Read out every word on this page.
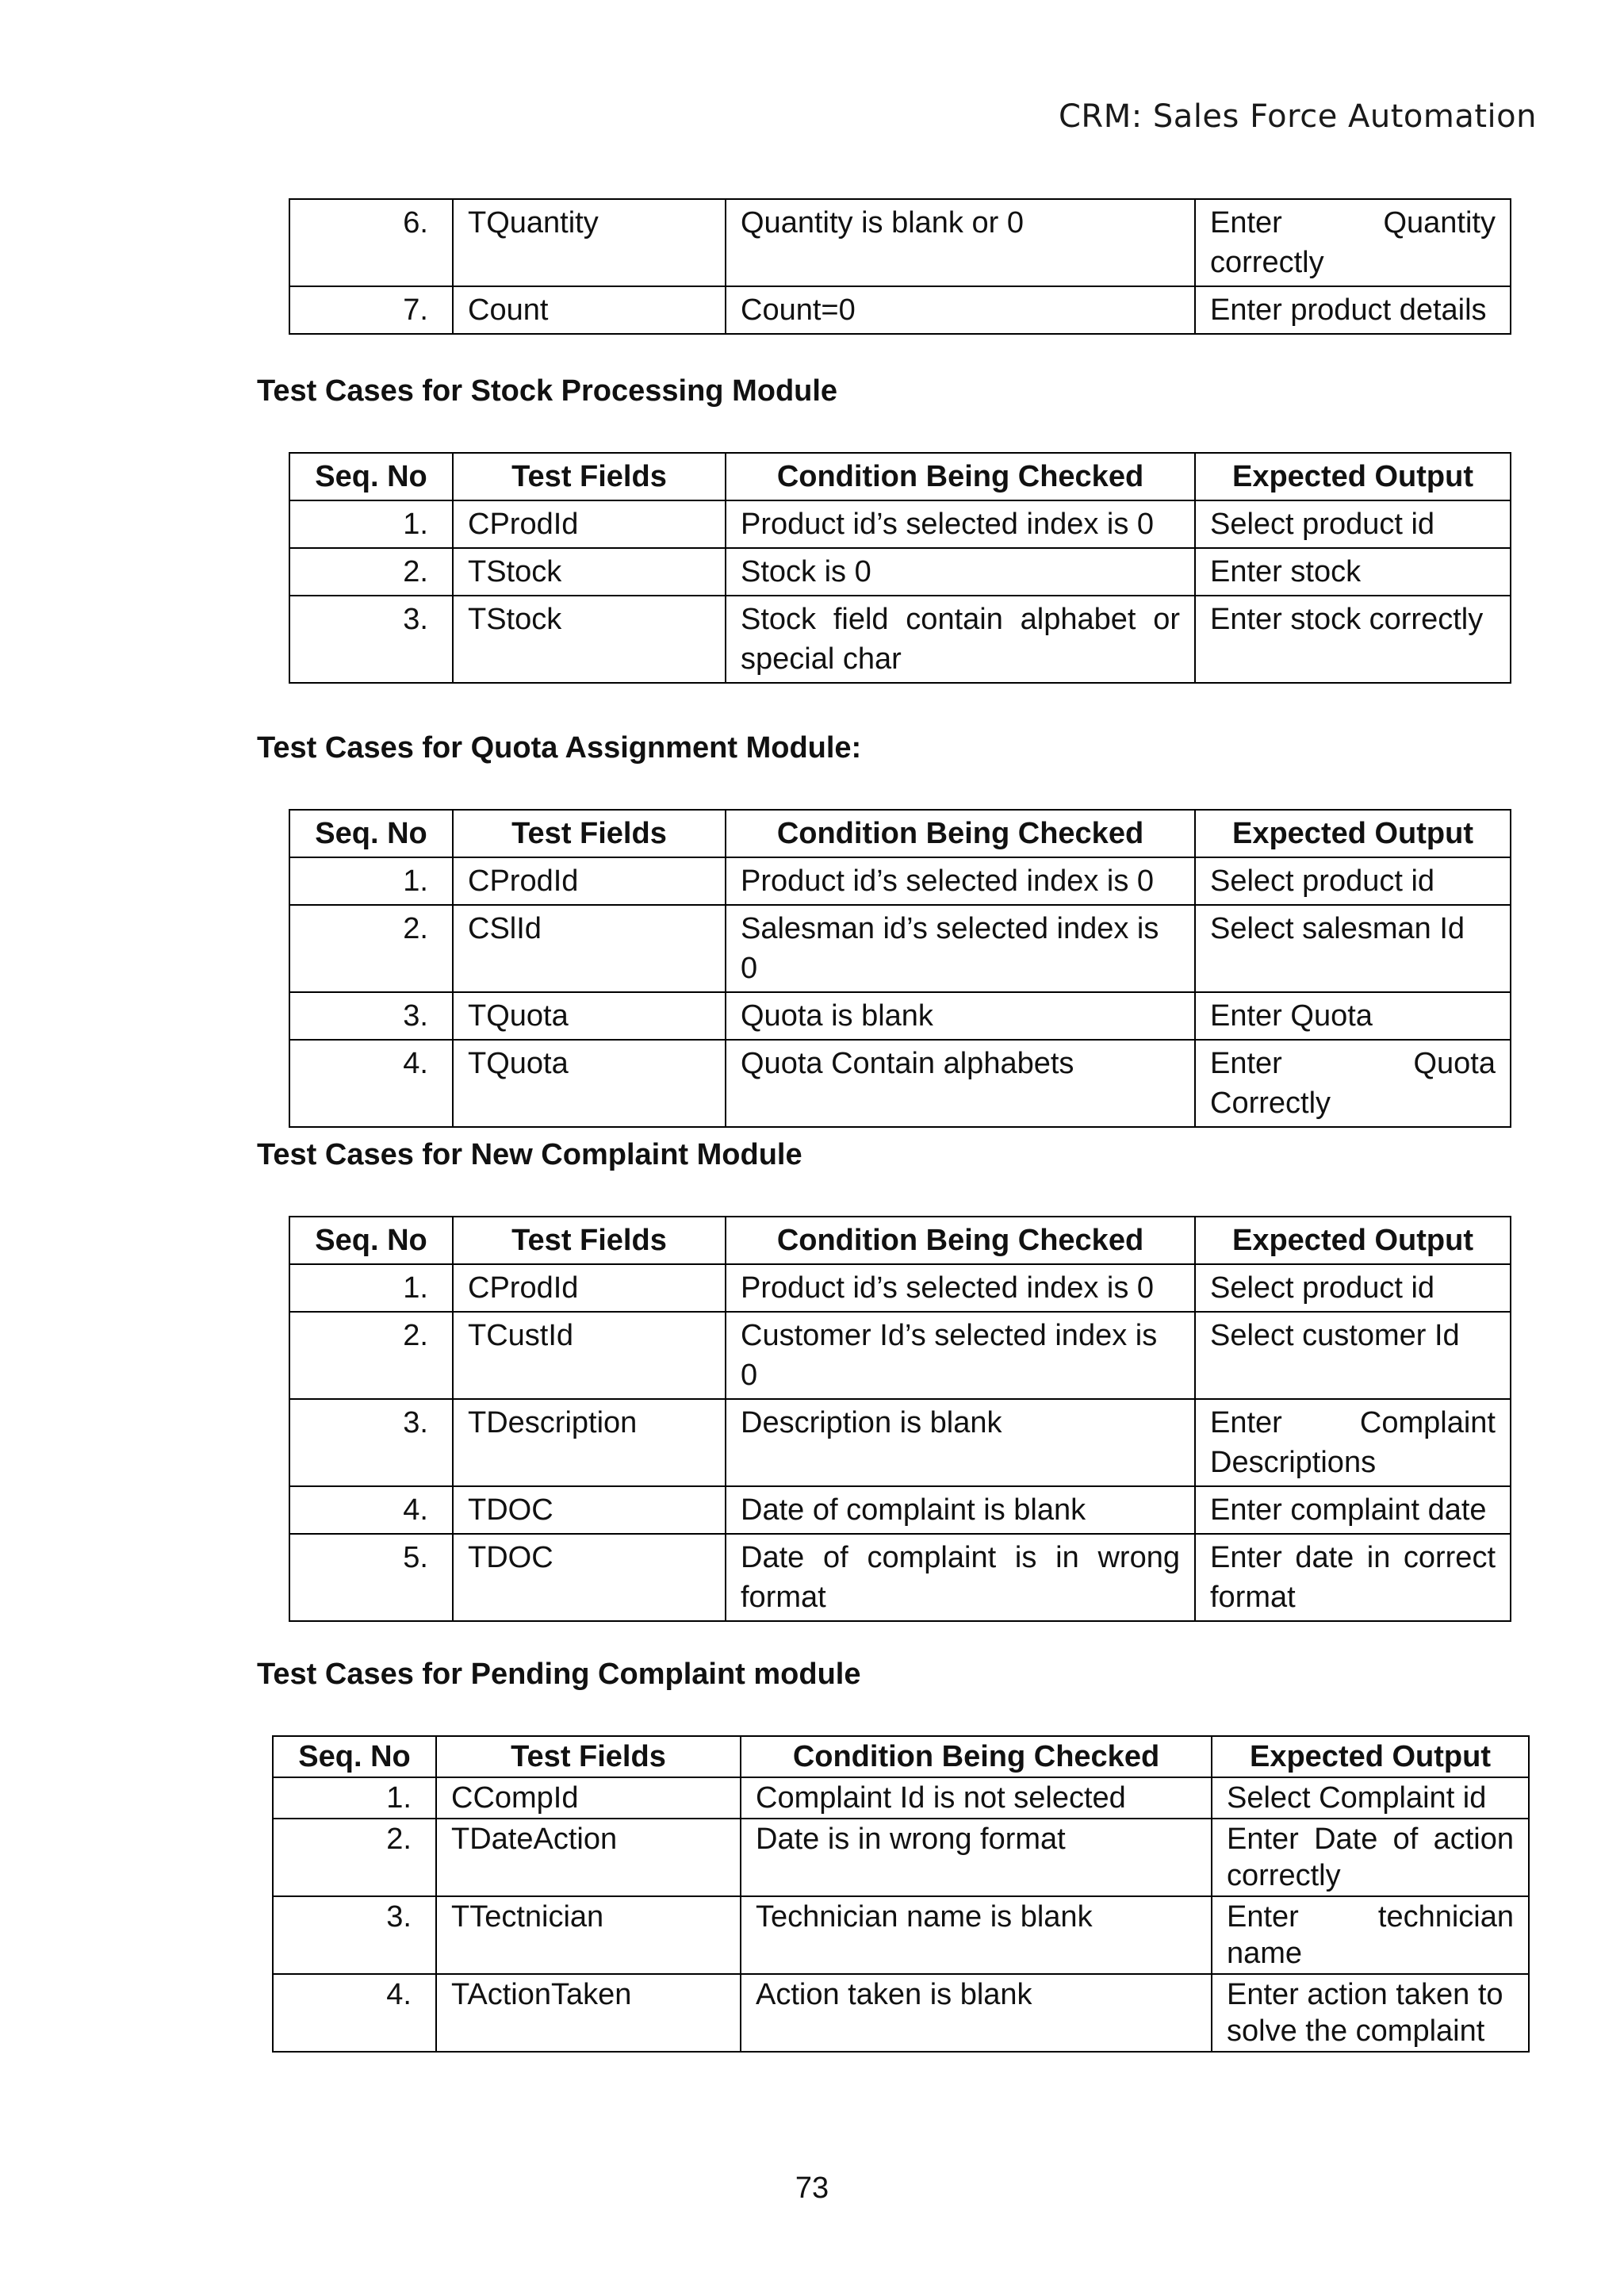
CRM: Sales Force Automation
6.	TQuantity	Quantity is blank or 0	Enter Quantity correctly
7.	Count	Count=0	Enter product details
Test Cases for Stock Processing Module
Seq. No	Test Fields	Condition Being Checked	Expected Output
1.	CProdId	Product id’s selected index is 0	Select product id
2.	TStock	Stock is 0	Enter stock
3.	TStock	Stock field contain alphabet or special char	Enter stock correctly
Test Cases for Quota Assignment Module:
Seq. No	Test Fields	Condition Being Checked	Expected Output
1.	CProdId	Product id’s selected index is 0	Select product id
2.	CSlId	Salesman id’s selected index is 0	Select salesman Id
3.	TQuota	Quota is blank	Enter Quota
4.	TQuota	Quota Contain alphabets	Enter Quota Correctly
Test Cases for New Complaint Module
Seq. No	Test Fields	Condition Being Checked	Expected Output
1.	CProdId	Product id’s selected index is 0	Select product id
2.	TCustId	Customer Id’s selected index is 0	Select customer Id
3.	TDescription	Description is blank	Enter Complaint Descriptions
4.	TDOC	Date of complaint is blank	Enter complaint date
5.	TDOC	Date of complaint is in wrong format	Enter date in correct format
Test Cases for Pending Complaint module
Seq. No	Test Fields	Condition Being Checked	Expected Output
1.	CCompId	Complaint Id is not selected	Select Complaint id
2.	TDateAction	Date is in wrong format	Enter Date of action correctly
3.	TTectnician	Technician name is blank	Enter technician name
4.	TActionTaken	Action taken is blank	Enter action taken to solve the complaint
73
